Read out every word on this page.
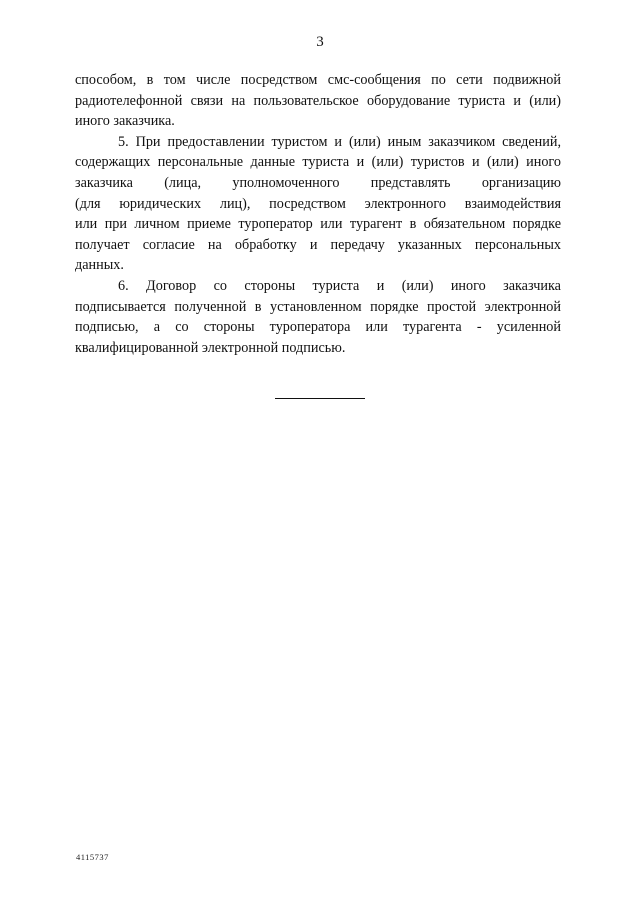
3
способом, в том числе посредством смс-сообщения по сети подвижной
радиотелефонной связи на пользовательское оборудование туриста и (или)
иного заказчика.
5. При предоставлении туристом и (или) иным заказчиком сведений,
содержащих персональные данные туриста и (или) туристов и (или) иного
заказчика (лица, уполномоченного представлять организацию
(для юридических лиц), посредством электронного взаимодействия
или при личном приеме туроператор или турагент в обязательном порядке
получает согласие на обработку и передачу указанных персональных
данных.
6. Договор со стороны туриста и (или) иного заказчика
подписывается полученной в установленном порядке простой электронной
подписью, а со стороны туроператора или турагента - усиленной
квалифицированной электронной подписью.
4115737
